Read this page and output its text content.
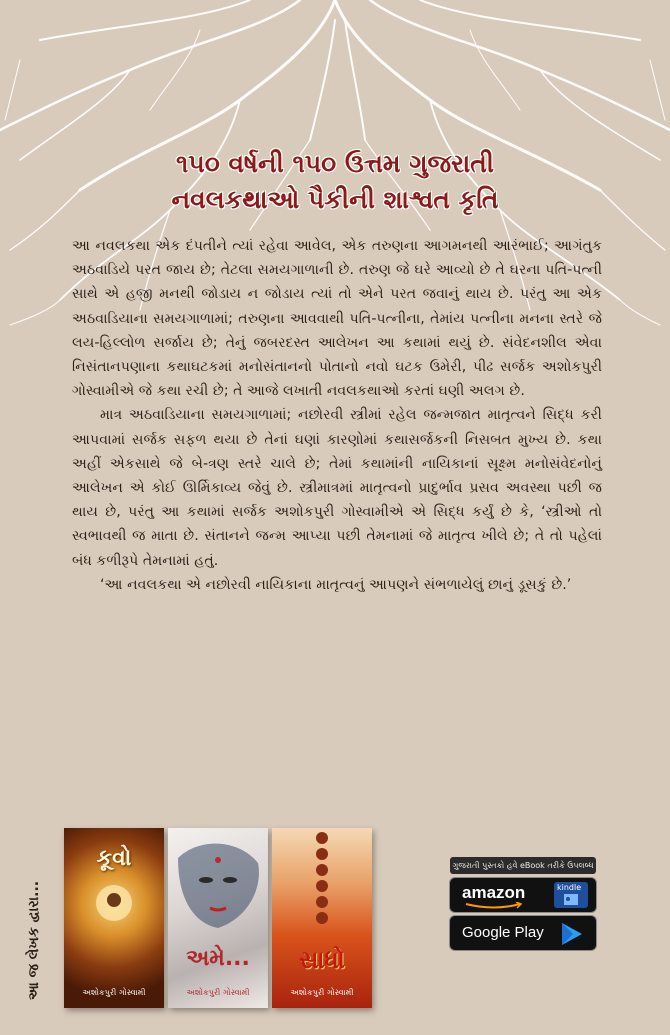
૧૫૦ વર્ષની ૧૫૦ ઉત્તમ ગુજરાતી
નવલકથાઓ પૈકીની શાશ્વત કૃતિ

આ નવલકથા એક દંપતીને ત્યાં રહેવા આવેલ, એક તરુણના આગમનથી આરંભાઈ; આગંતુક અઠવાડિયે પરત જાય છે; તેટલા સમયગાળાની છે. તરુણ જે ઘરે આવ્યો છે તે ઘરના પતિ-પત્ની સાથે એ હજી મનથી જોડાય ન જોડાય ત્યાં તો એને પરત જવાનું થાય છે. પરંતુ આ એક અઠવાડિયાના સમયગાળામાં; તરુણના આવવાથી પતિ-પત્નીના, તેમાંય પત્નીના મનના સ્તરે જે લય-હિલ્લોળ સર્જાય છે; તેનું જબરદસ્ત આલેખન આ કથામાં થયું છે. સંવેદનશીલ એવા નિસંતાનપણાના કથાઘટકમાં મનોસંતાનનો પોતાનો નવો ઘટક ઉમેરી, પીઢ સર્જક અશોકપુરી ગોસ્વામીએ જે કથા રચી છે; તે આજે લખાતી નવલકથાઓ કરતાં ઘણી અલગ છે.

માત્ર અઠવાડિયાના સમયગાળામાં; નછોરવી સ્ત્રીમાં રહેલ જન્મજાત માતૃત્વને સિદ્ધ કરી આપવામાં સર્જક સફળ થયા છે તેનાં ઘણાં કારણોમાં કથાસર્જકની નિસબત મુખ્ય છે. કથા અહીં એકસાથે જે બે-ત્રણ સ્તરે ચાલે છે; તેમાં કથામાંની નાયિકાનાં સૂક્ષ્મ મનોસંવેદનોનું આલેખન એ કોઈ ઊર્મિકાવ્ય જેવું છે. સ્ત્રીમાત્રમાં માતૃત્વનો પ્રાદુર્ભાવ પ્રસવ અવસ્થા પછી જ થાય છે, પરંતુ આ કથામાં સર્જક અશોકપુરી ગોસ્વામીએ એ સિદ્ધ કર્યું છે કે, ‘સ્ત્રીઓ તો સ્વભાવથી જ માતા છે. સંતાનને જન્મ આપ્યા પછી તેમનામાં જે માતૃત્વ ખીલે છે; તે તો પહેલાં બંધ કળીરૂપે તેમનામાં હતું.

‘આ નવલકથા એ નછોરવી નાયિકાના માતૃત્વનું આપણને સંભળાયેલું છાનું ડૂસકું છે.’

આ જ લેખક દ્વારા...
કૂવો
અશોકપુરી ગોસ્વામી
અમે...
અશોકપુરી ગોસ્વામી
સાધો
અશોકપુરી ગોસ્વામી
ગુજરાતી પુસ્તકો હવે eBook તરીકે ઉપલબ્ધ
amazon	kindle
Google Play
